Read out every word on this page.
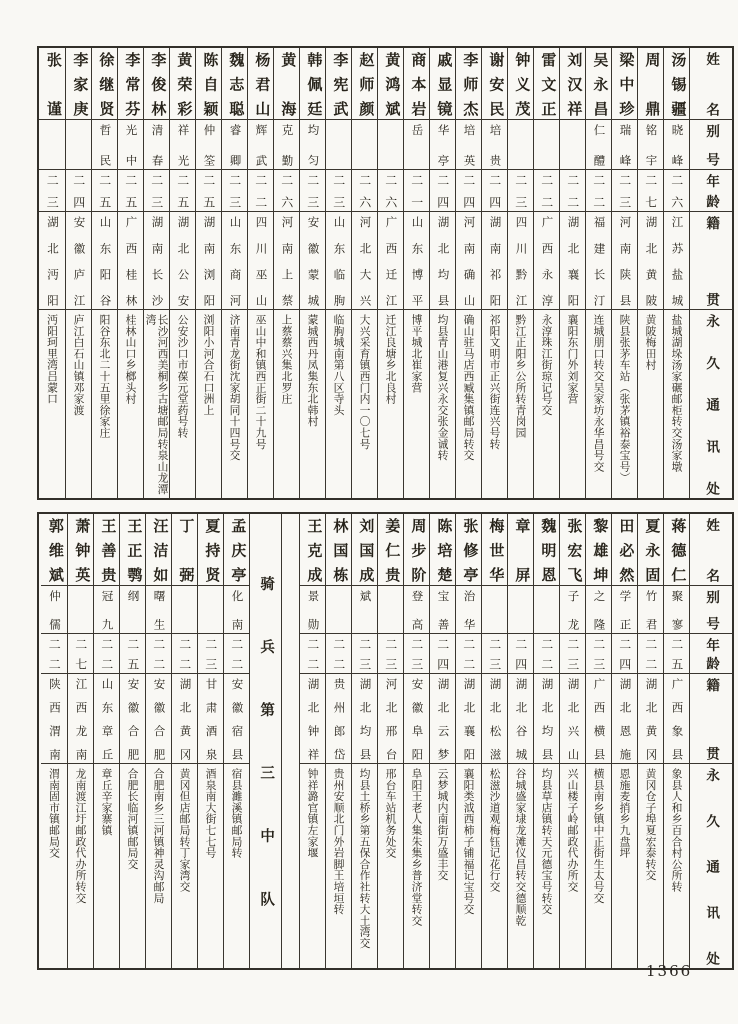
姓名
别号
年龄
籍贯
永久通讯处
汤锡疆
晓峰
二六
江苏盐城
盐城湖垛汤家碾邮柜转交汤家墩
周鼎
铭宇
二七
湖北黄陂
黄陂梅田村
梁中珍
瑞峰
二三
河南陕县
陕县张茅车站（张茅镇裕泰宝号）
吴永昌
仁醴
二二
福建长汀
连城朋口转交吴家坊永华昌号交
刘汉祥
二二
湖北襄阳
襄阳东门外刘家营
雷文正
二二
广西永淳
永淳珠江街琼记号交
钟义茂
二三
四川黔江
黔江正阳乡公所转青岗园
谢安民
培贵
二四
湖南祁阳
祁阳文明市正兴街连兴号转
李师杰
培英
二四
河南确山
确山驻马店西臧集镇邮局转交
戚显镜
华亭
二四
湖北均县
均县青山港复兴永交张金诚转
商本岩
岳
二一
山东博平
博平城北崔家营
黄鸿斌
二六
广西迁江
迁江良塘乡北良村
赵师颜
二六
河北大兴
大兴采育镇西门内一〇七号
李宪武
二三
山东临朐
临朐城南第八区寺头
韩佩廷
均匀
二三
安徽蒙城
蒙城西丹凤集东北韩村
黄海
克勤
二六
河南上蔡
上蔡蔡兴集北罗庄
杨君山
辉武
二二
四川巫山
巫山中和镇西正街二十九号
魏志聪
睿卿
二三
山东商河
济南青龙街沈家胡同十四号交
陈自颖
仲筌
二五
湖南浏阳
浏阳小河合石口洲上
黄荣彩
祥光
二五
湖北公安
公安沙口市葆元堂药号转
李俊林
清春
二三
湖南长沙
长沙河西美桐乡古塘邮局转泉山龙潭湾
李常芬
光中
二五
广西桂林
桂林山口乡榔头村
徐继贤
哲民
二五
山东阳谷
阳谷东北二十五里徐家庄
李家庚
二四
安徽庐江
庐江白石山镇邓家渡
张谨
二三
湖北沔阳
沔阳珂里湾吕蒙口
姓名
别号
年龄
籍贯
永久通讯处
蒋德仁
聚寥
二五
广西象县
象县人和乡百合村公所转
夏永固
竹君
二二
湖北黄冈
黄冈仓子埠夏宏泰转交
田必然
学正
二四
湖北恩施
恩施麦捎乡九盘坪
黎雄坤
之隆
二三
广西横县
横县南乡镇中正街生太号交
张宏飞
子龙
二三
湖北兴山
兴山楼子岭邮政代办所交
魏明恩
二二
湖北均县
均县草店镇转天元德宝号转交
章屏
二四
湖北谷城
谷城盛家埭龙滩仪昌转交德顺乾
梅世华
二三
湖北松滋
松滋沙道观梅钰记花行交
张修亭
治华
二二
湖北襄阳
襄阳类泧西柿子铺福记宝号交
陈培楚
宝善
二四
湖北云梦
云梦城内南街万盛丰交
周步阶
登高
二三
安徽阜阳
阜阳王老人集朱集乡普济堂转交
姜仁贵
二三
河北邢台
邢台车站机务处交
刘国成
斌
二三
湖北均县
均县土桥乡第五保合作社转大土湾交
林国栋
二二
贵州郎岱
贵州安顺北门外岩脚王培垣转
王克成
景勋
二二
湖北钟祥
钟祥潞官镇左家堰
骑兵第三中队
孟庆亭
化南
二二
安徽宿县
宿县濉溪镇邮局转
夏持贤
二三
甘肃酒泉
酒泉南大街七七号
丁弼
二二
湖北黄冈
黄冈但店邮局转丁家湾交
汪洁如
曙生
二二
安徽合肥
合肥南乡三河镇神灵沟邮局
王正鹗
纲
二五
安徽合肥
合肥长临河镇邮局交
王善贵
冠九
二二
山东章丘
章丘辛家寨镇
萧钟英
二七
江西龙南
龙南渡江圩邮政代办所转交
郭维斌
仲儒
二二
陕西渭南
渭南固市镇邮局交
1366
